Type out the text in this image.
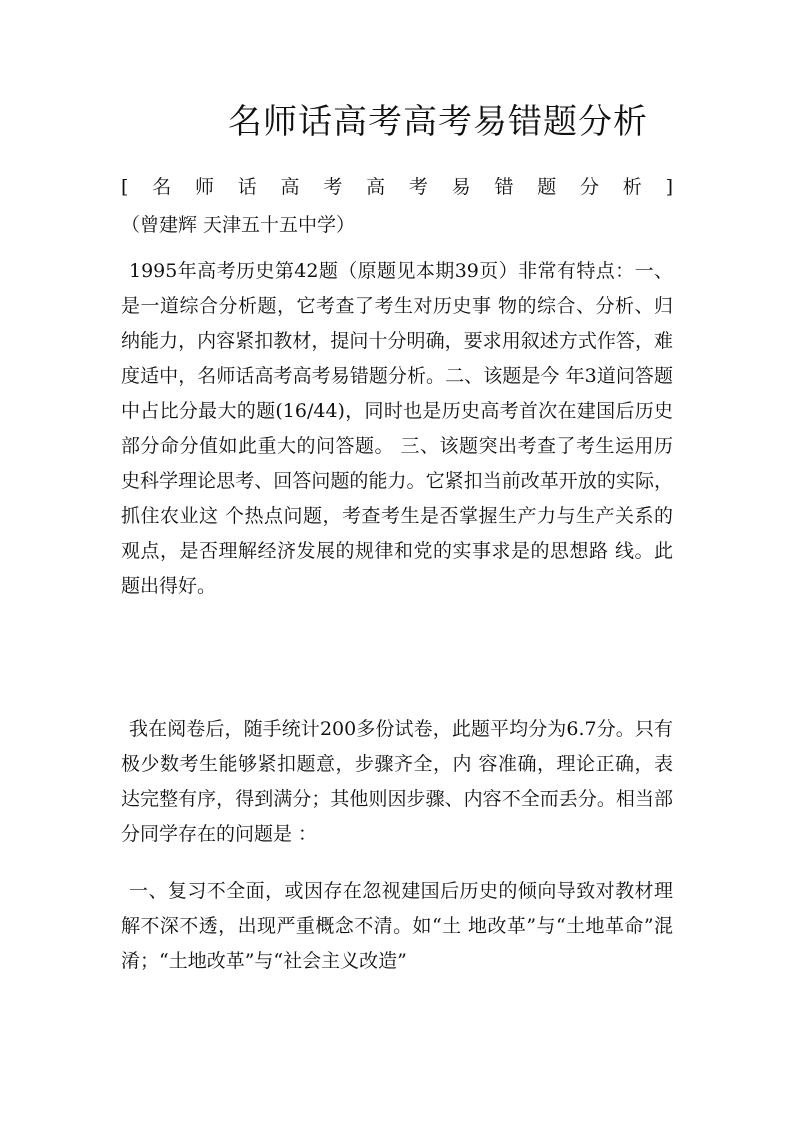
名师话高考高考易错题分析
[ 名 师 话 高 考 高 考 易 错 题 分 析 ]
（曾建辉 天津五十五中学）
1995年高考历史第42题（原题见本期39页）非常有特点：一、是一道综合分析题，它考查了考生对历史事 物的综合、分析、归纳能力，内容紧扣教材，提问十分明确，要求用叙述方式作答，难度适中，名师话高考高考易错题分析。二、该题是今 年3道问答题中占比分最大的题(16/44)，同时也是历史高考首次在建国后历史部分命分值如此重大的问答题。 三、该题突出考查了考生运用历史科学理论思考、回答问题的能力。它紧扣当前改革开放的实际，抓住农业这 个热点问题，考查考生是否掌握生产力与生产关系的观点，是否理解经济发展的规律和党的实事求是的思想路 线。此题出得好。
我在阅卷后，随手统计200多份试卷，此题平均分为6.7分。只有极少数考生能够紧扣题意，步骤齐全，内 容准确，理论正确，表达完整有序，得到满分；其他则因步骤、内容不全而丢分。相当部分同学存在的问题是 ：
一、复习不全面，或因存在忽视建国后历史的倾向导致对教材理解不深不透，出现严重概念不清。如“土 地改革”与“土地革命”混淆；“土地改革”与“社会主义改造”
